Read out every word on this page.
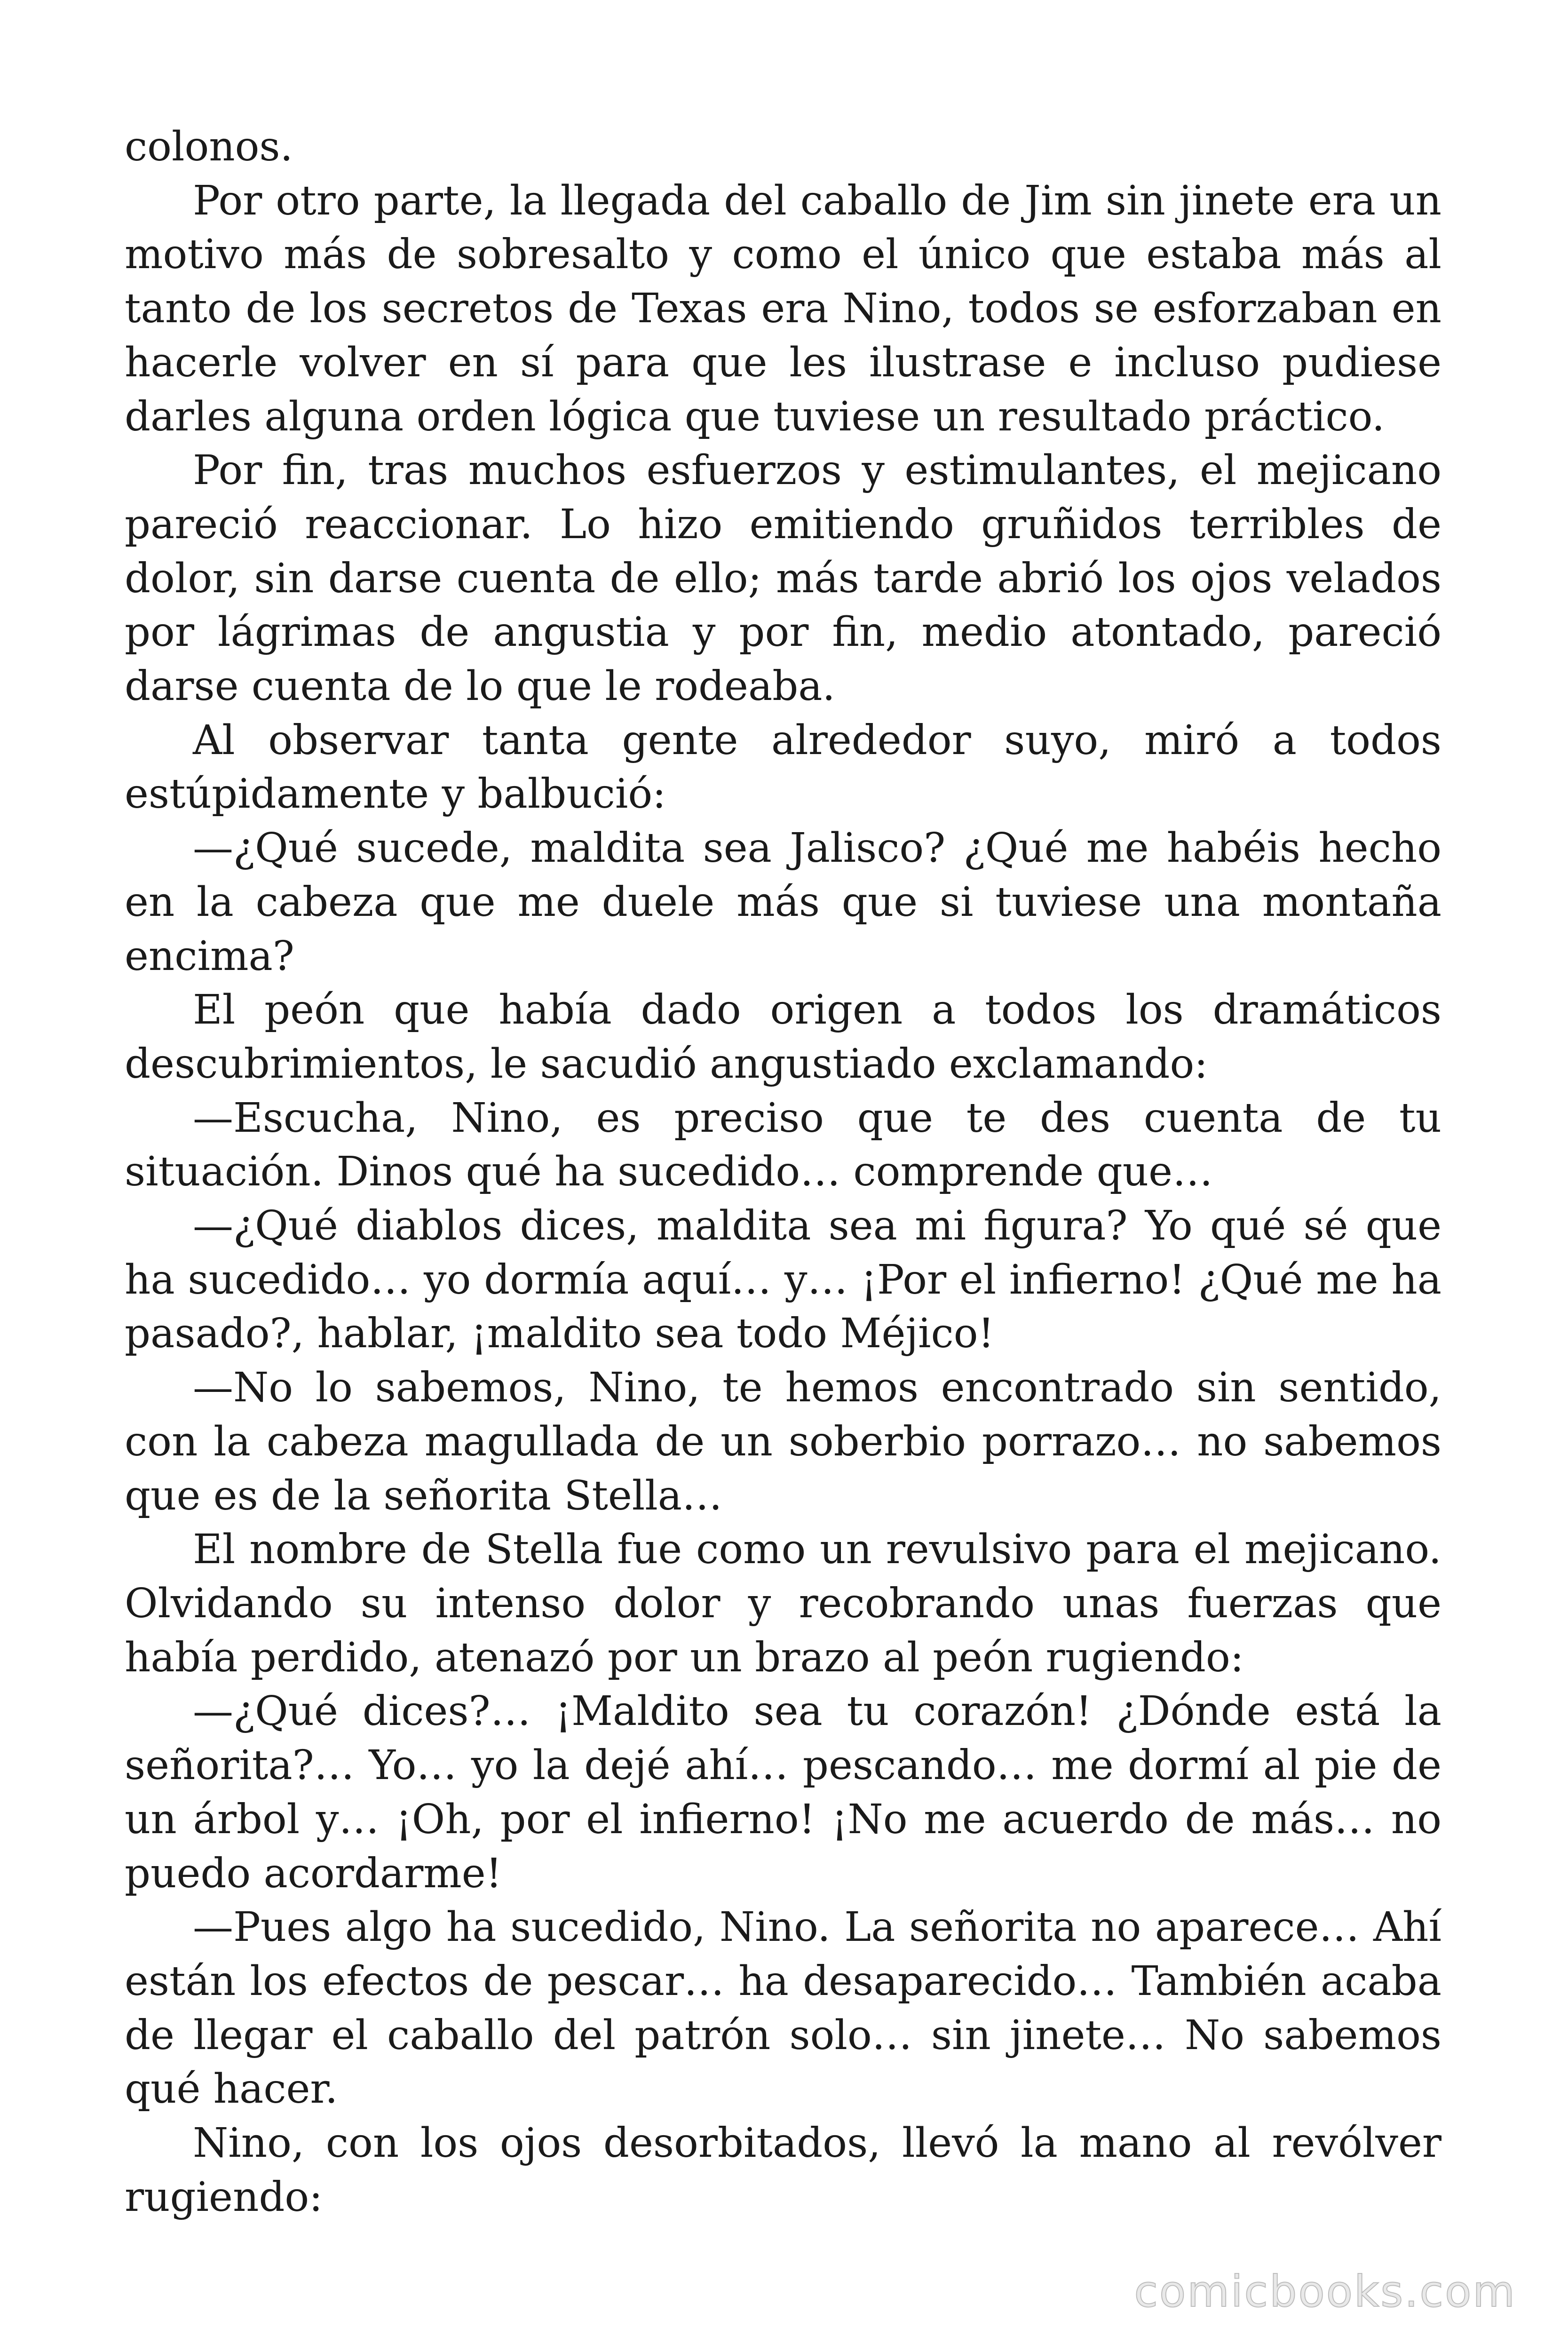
colonos.

Por otro parte, la llegada del caballo de Jim sin jinete era un motivo más de sobresalto y como el único que estaba más al tanto de los secretos de Texas era Nino, todos se esforzaban en hacerle volver en sí para que les ilustrase e incluso pudiese darles alguna orden lógica que tuviese un resultado práctico.

Por fin, tras muchos esfuerzos y estimulantes, el mejicano pareció reaccionar. Lo hizo emitiendo gruñidos terribles de dolor, sin darse cuenta de ello; más tarde abrió los ojos velados por lágrimas de angustia y por fin, medio atontado, pareció darse cuenta de lo que le rodeaba.

Al observar tanta gente alrededor suyo, miró a todos estúpidamente y balbució:

—¿Qué sucede, maldita sea Jalisco? ¿Qué me habéis hecho en la cabeza que me duele más que si tuviese una montaña encima?

El peón que había dado origen a todos los dramáticos descubrimientos, le sacudió angustiado exclamando:

—Escucha, Nino, es preciso que te des cuenta de tu situación. Dinos qué ha sucedido… comprende que…

—¿Qué diablos dices, maldita sea mi figura? Yo qué sé que ha sucedido… yo dormía aquí… y… ¡Por el infierno! ¿Qué me ha pasado?, hablar, ¡maldito sea todo Méjico!

—No lo sabemos, Nino, te hemos encontrado sin sentido, con la cabeza magullada de un soberbio porrazo… no sabemos que es de la señorita Stella…

El nombre de Stella fue como un revulsivo para el mejicano. Olvidando su intenso dolor y recobrando unas fuerzas que había perdido, atenazó por un brazo al peón rugiendo:

—¿Qué dices?… ¡Maldito sea tu corazón! ¿Dónde está la señorita?… Yo… yo la dejé ahí… pescando… me dormí al pie de un árbol y… ¡Oh, por el infierno! ¡No me acuerdo de más… no puedo acordarme!

—Pues algo ha sucedido, Nino. La señorita no aparece… Ahí están los efectos de pescar… ha desaparecido… También acaba de llegar el caballo del patrón solo… sin jinete… No sabemos qué hacer.

Nino, con los ojos desorbitados, llevó la mano al revólver rugiendo:

comicbooks.com
